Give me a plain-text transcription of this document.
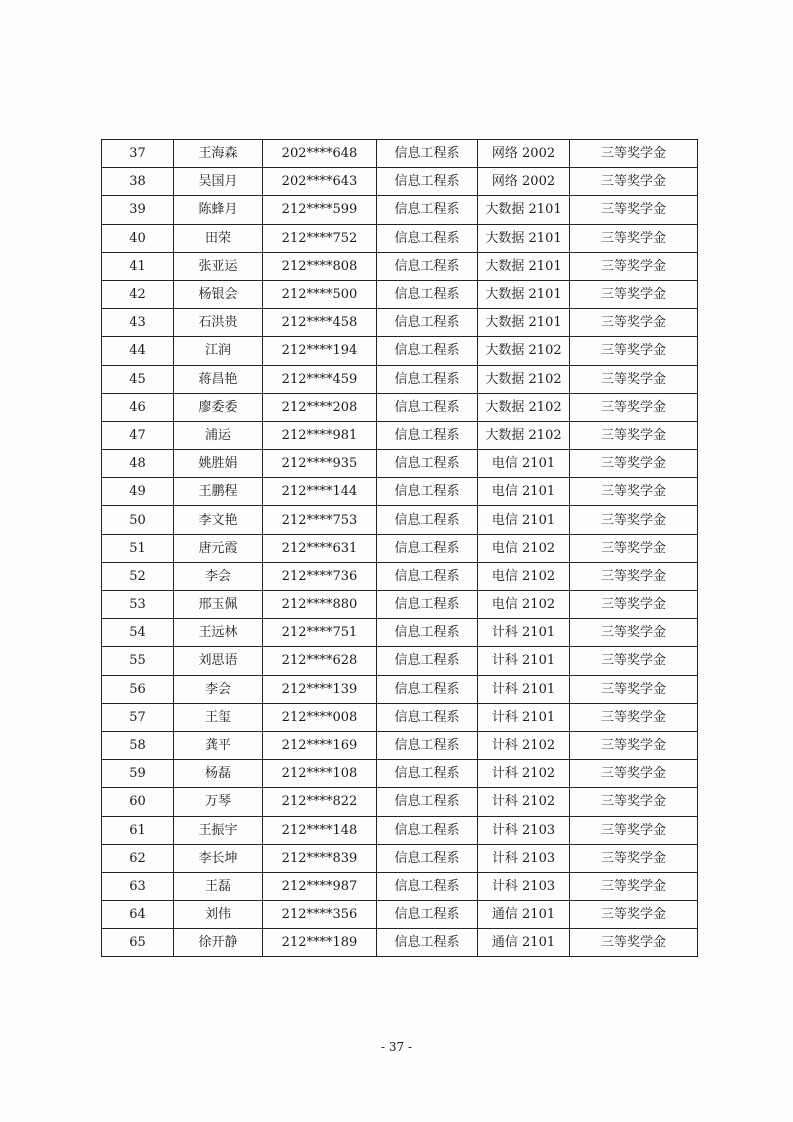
37	王海森	202****648	信息工程系	网络 2002	三等奖学金
38	吴国月	202****643	信息工程系	网络 2002	三等奖学金
39	陈蜂月	212****599	信息工程系	大数据 2101	三等奖学金
40	田荣	212****752	信息工程系	大数据 2101	三等奖学金
41	张亚运	212****808	信息工程系	大数据 2101	三等奖学金
42	杨银会	212****500	信息工程系	大数据 2101	三等奖学金
43	石洪贵	212****458	信息工程系	大数据 2101	三等奖学金
44	江润	212****194	信息工程系	大数据 2102	三等奖学金
45	蒋昌艳	212****459	信息工程系	大数据 2102	三等奖学金
46	廖委委	212****208	信息工程系	大数据 2102	三等奖学金
47	浦运	212****981	信息工程系	大数据 2102	三等奖学金
48	姚胜娟	212****935	信息工程系	电信 2101	三等奖学金
49	王鹏程	212****144	信息工程系	电信 2101	三等奖学金
50	李文艳	212****753	信息工程系	电信 2101	三等奖学金
51	唐元霞	212****631	信息工程系	电信 2102	三等奖学金
52	李会	212****736	信息工程系	电信 2102	三等奖学金
53	邢玉佩	212****880	信息工程系	电信 2102	三等奖学金
54	王远林	212****751	信息工程系	计科 2101	三等奖学金
55	刘思语	212****628	信息工程系	计科 2101	三等奖学金
56	李会	212****139	信息工程系	计科 2101	三等奖学金
57	王玺	212****008	信息工程系	计科 2101	三等奖学金
58	龚平	212****169	信息工程系	计科 2102	三等奖学金
59	杨磊	212****108	信息工程系	计科 2102	三等奖学金
60	万琴	212****822	信息工程系	计科 2102	三等奖学金
61	王振宇	212****148	信息工程系	计科 2103	三等奖学金
62	李长坤	212****839	信息工程系	计科 2103	三等奖学金
63	王磊	212****987	信息工程系	计科 2103	三等奖学金
64	刘伟	212****356	信息工程系	通信 2101	三等奖学金
65	徐开静	212****189	信息工程系	通信 2101	三等奖学金
- 37 -
